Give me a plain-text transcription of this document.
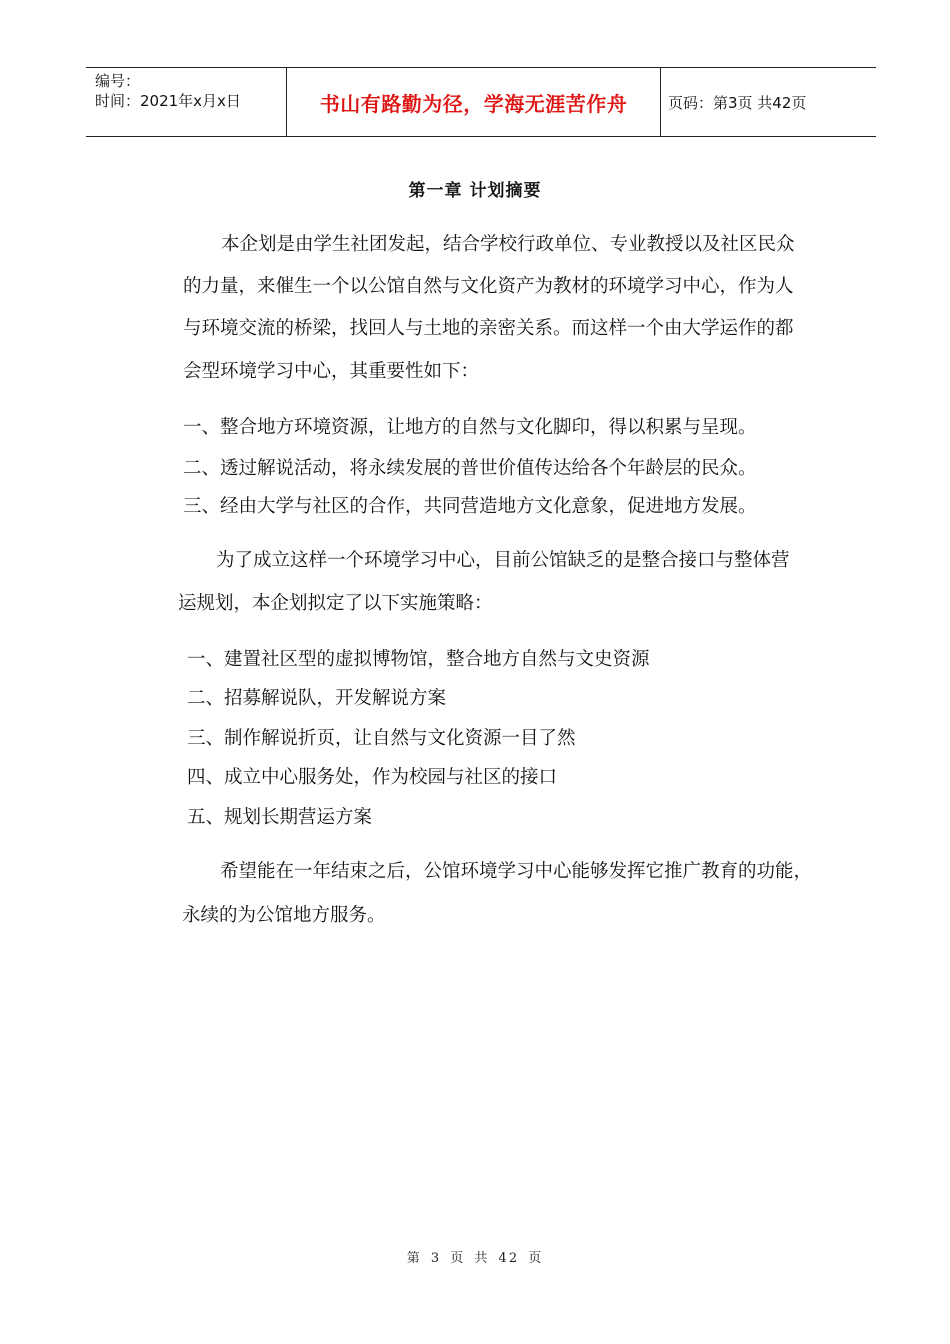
编号：
时间：2021年x月x日	书山有路勤为径，学海无涯苦作舟	页码：第3页 共42页
第一章 计划摘要
本企划是由学生社团发起，结合学校行政单位、专业教授以及社区民众
的力量，来催生一个以公馆自然与文化资产为教材的环境学习中心，作为人
与环境交流的桥梁，找回人与土地的亲密关系。而这样一个由大学运作的都
会型环境学习中心，其重要性如下：
一、整合地方环境资源，让地方的自然与文化脚印，得以积累与呈现。
二、透过解说活动，将永续发展的普世价值传达给各个年龄层的民众。
三、经由大学与社区的合作，共同营造地方文化意象，促进地方发展。
为了成立这样一个环境学习中心，目前公馆缺乏的是整合接口与整体营
运规划，本企划拟定了以下实施策略：
一、建置社区型的虚拟博物馆，整合地方自然与文史资源
二、招募解说队，开发解说方案
三、制作解说折页，让自然与文化资源一目了然
四、成立中心服务处，作为校园与社区的接口
五、规划长期营运方案
希望能在一年结束之后，公馆环境学习中心能够发挥它推广教育的功能，
永续的为公馆地方服务。
第 3 页 共 42 页
